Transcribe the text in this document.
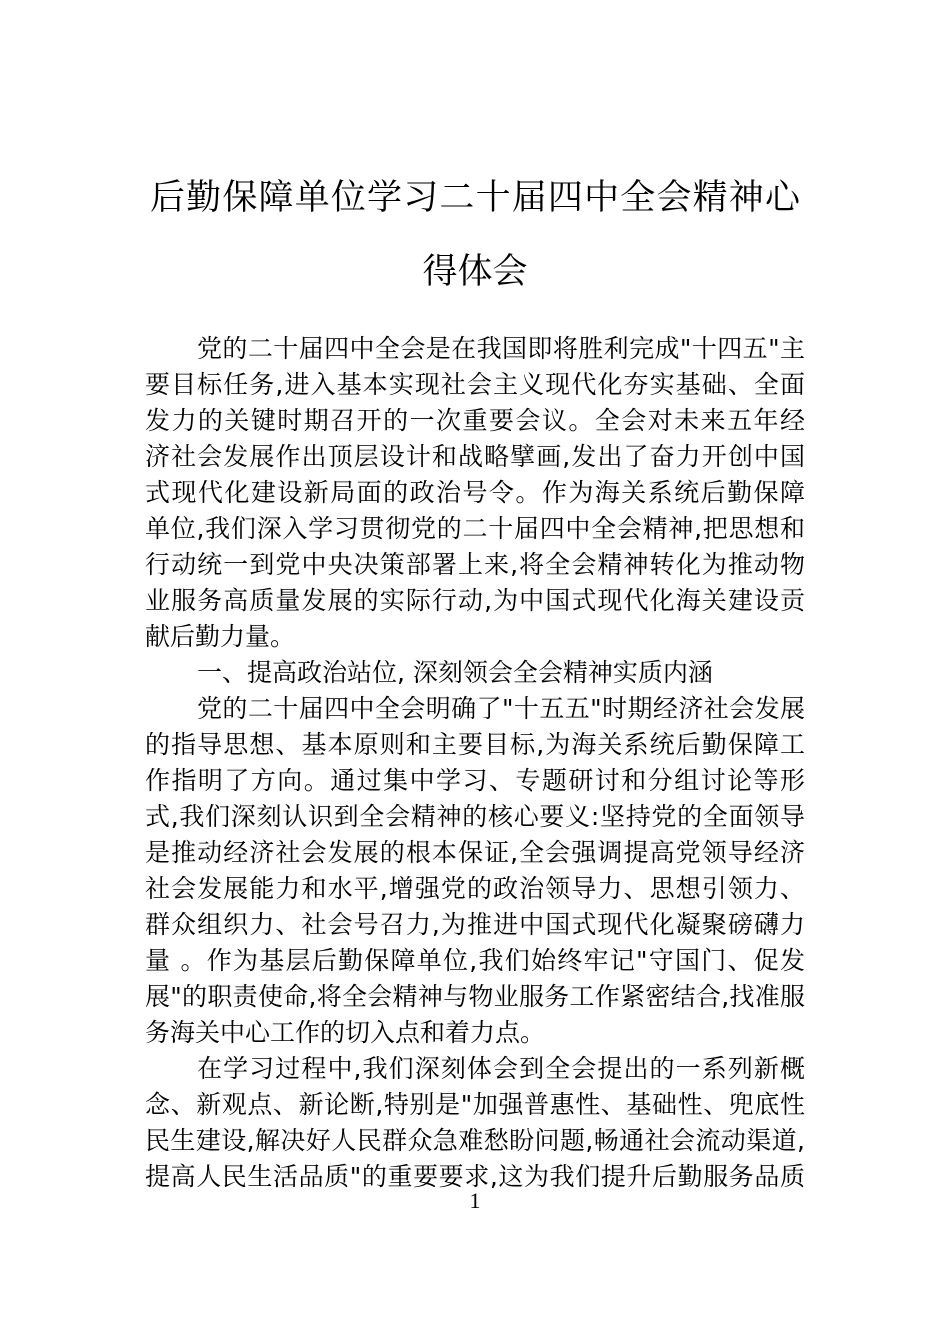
后勤保障单位学习二十届四中全会精神心
得体会
党的二十届四中全会是在我国即将胜利完成"十四五"主
要目标任务,进入基本实现社会主义现代化夯实基础、全面
发力的关键时期召开的一次重要会议。全会对未来五年经
济社会发展作出顶层设计和战略擘画,发出了奋力开创中国
式现代化建设新局面的政治号令。作为海关系统后勤保障
单位,我们深入学习贯彻党的二十届四中全会精神,把思想和
行动统一到党中央决策部署上来,将全会精神转化为推动物
业服务高质量发展的实际行动,为中国式现代化海关建设贡
献后勤力量。
一、提高政治站位, 深刻领会全会精神实质内涵
党的二十届四中全会明确了"十五五"时期经济社会发展
的指导思想、基本原则和主要目标,为海关系统后勤保障工
作指明了方向。通过集中学习、专题研讨和分组讨论等形
式,我们深刻认识到全会精神的核心要义:坚持党的全面领导
是推动经济社会发展的根本保证,全会强调提高党领导经济
社会发展能力和水平,增强党的政治领导力、思想引领力、
群众组织力、社会号召力,为推进中国式现代化凝聚磅礴力
量 。作为基层后勤保障单位,我们始终牢记"守国门、促发
展"的职责使命,将全会精神与物业服务工作紧密结合,找准服
务海关中心工作的切入点和着力点。
在学习过程中,我们深刻体会到全会提出的一系列新概
念、新观点、新论断,特别是"加强普惠性、基础性、兜底性
民生建设,解决好人民群众急难愁盼问题,畅通社会流动渠道,
提高人民生活品质"的重要要求,这为我们提升后勤服务品质
1
